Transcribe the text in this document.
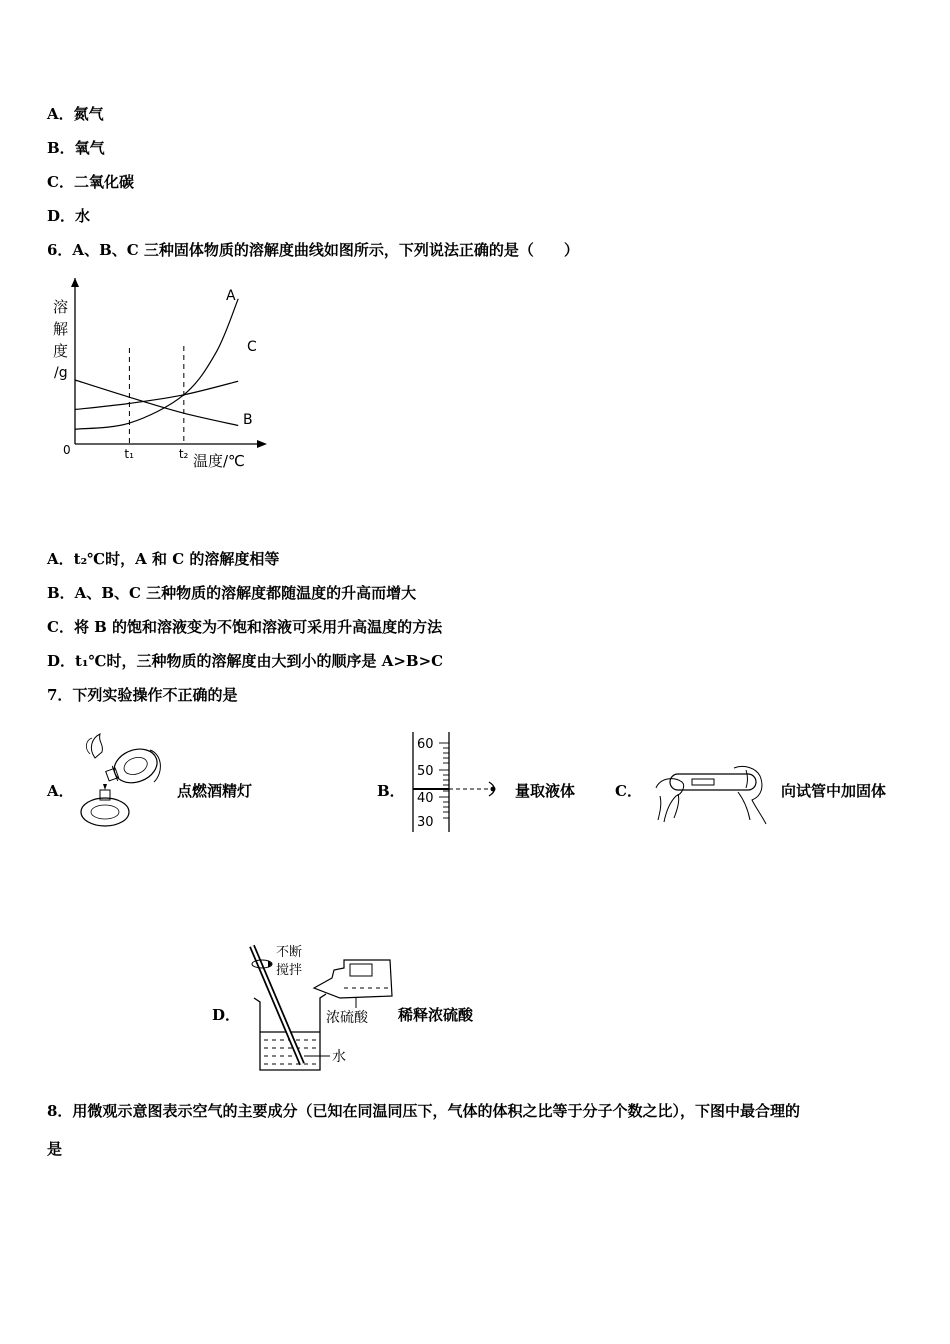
A．氮气
B．氧气
C．二氧化碳
D．水
6．A、B、C 三种固体物质的溶解度曲线如图所示，下列说法正确的是（　　）
A
C
B
溶
解
度
/g
0	t₁	t₂ 温度/℃
A．t₂℃时，A 和 C 的溶解度相等
B．A、B、C 三种物质的溶解度都随温度的升高而增大
C．将 B 的饱和溶液变为不饱和溶液可采用升高温度的方法
D．t₁℃时，三种物质的溶解度由大到小的顺序是 A>B>C
7．下列实验操作不正确的是
A．	点燃酒精灯	B．
60
50
40
30
量取液体	C．	向试管中加固体
D．
不断
搅拌
浓硫酸
水
稀释浓硫酸
8．用微观示意图表示空气的主要成分（已知在同温同压下，气体的体积之比等于分子个数之比），下图中最合理的
是
